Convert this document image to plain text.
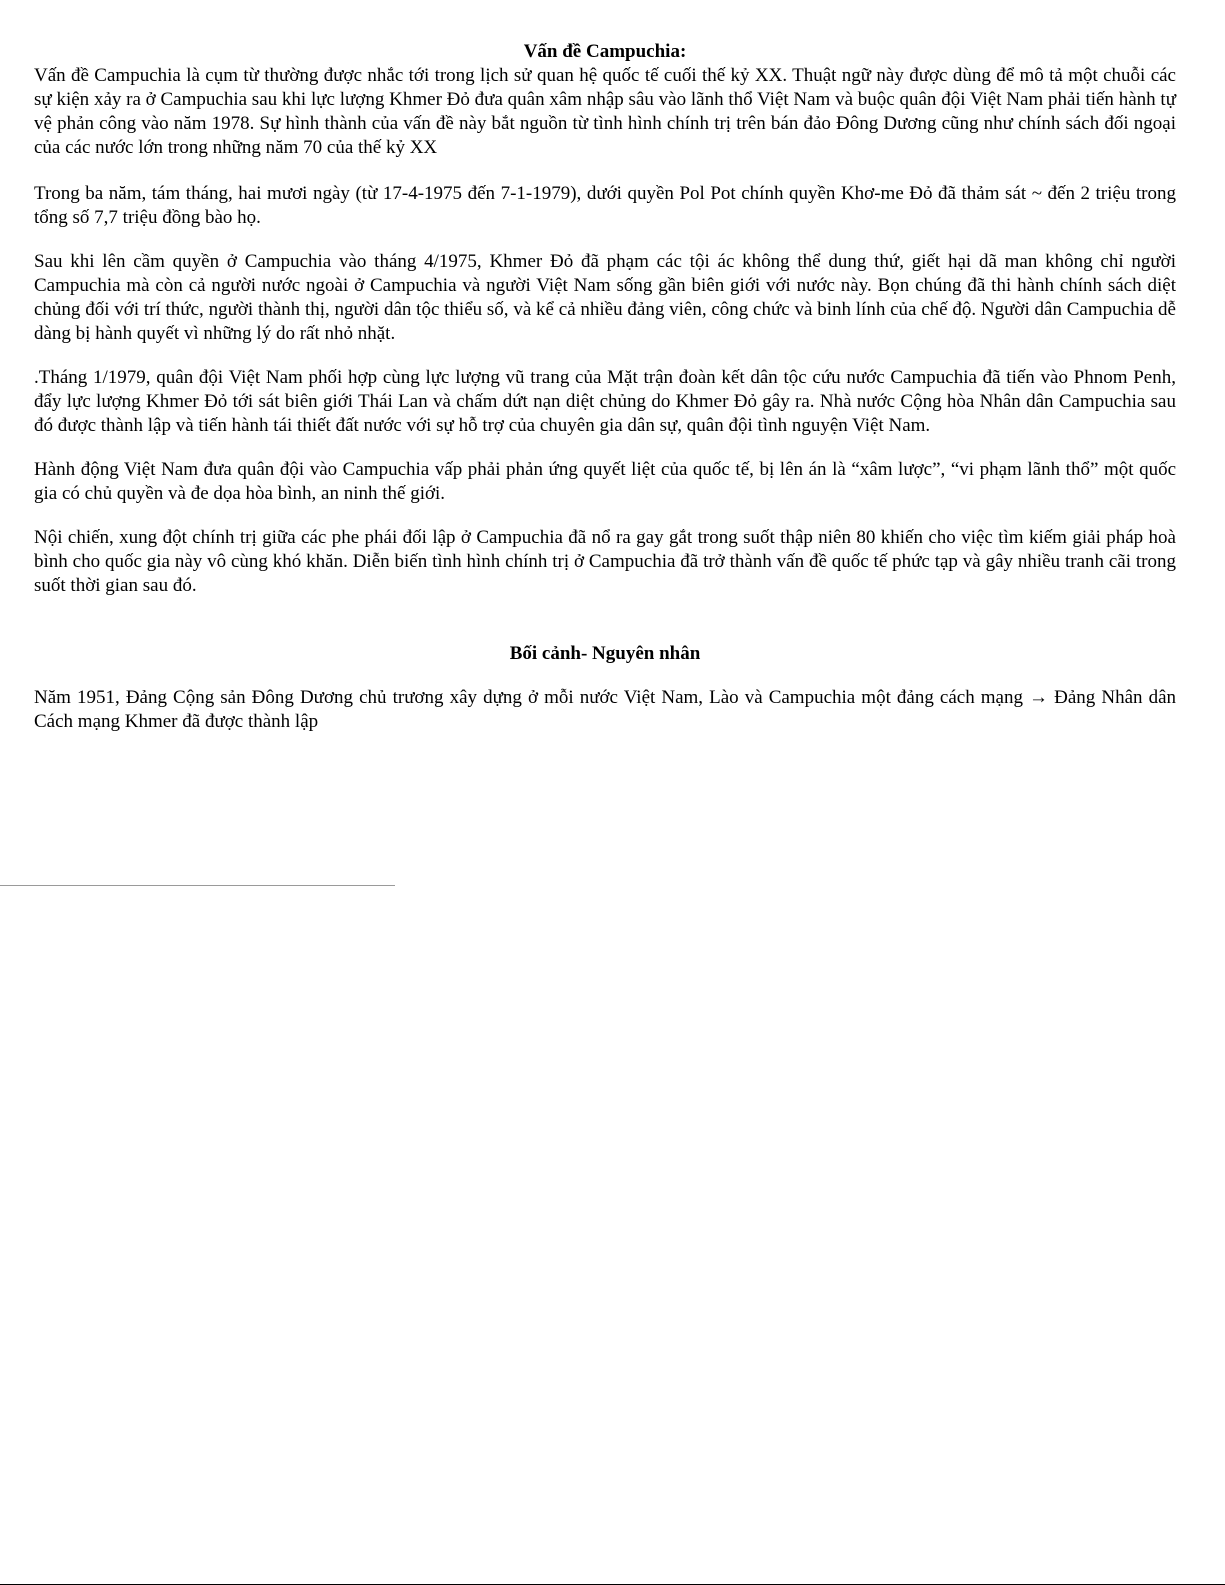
Vấn đề Campuchia:

Vấn đề Campuchia là cụm từ thường được nhắc tới trong lịch sử quan hệ quốc tế cuối thế kỷ XX. Thuật ngữ này được dùng để mô tả một chuỗi các sự kiện xảy ra ở Campuchia sau khi lực lượng Khmer Đỏ đưa quân xâm nhập sâu vào lãnh thổ Việt Nam và buộc quân đội Việt Nam phải tiến hành tự vệ phản công vào năm 1978. Sự hình thành của vấn đề này bắt nguồn từ tình hình chính trị trên bán đảo Đông Dương cũng như chính sách đối ngoại của các nước lớn trong những năm 70 của thế kỷ XX

Trong ba năm, tám tháng, hai mươi ngày (từ 17-4-1975 đến 7-1-1979), dưới quyền Pol Pot chính quyền Khơ-me Đỏ đã thảm sát ~ đến 2 triệu trong tổng số 7,7 triệu đồng bào họ.

Sau khi lên cầm quyền ở Campuchia vào tháng 4/1975, Khmer Đỏ đã phạm các tội ác không thể dung thứ, giết hại dã man không chỉ người Campuchia mà còn cả người nước ngoài ở Campuchia và người Việt Nam sống gần biên giới với nước này. Bọn chúng đã thi hành chính sách diệt chủng đối với trí thức, người thành thị, người dân tộc thiểu số, và kể cả nhiều đảng viên, công chức và binh lính của chế độ. Người dân Campuchia dễ dàng bị hành quyết vì những lý do rất nhỏ nhặt.

.Tháng 1/1979, quân đội Việt Nam phối hợp cùng lực lượng vũ trang của Mặt trận đoàn kết dân tộc cứu nước Campuchia đã tiến vào Phnom Penh, đẩy lực lượng Khmer Đỏ tới sát biên giới Thái Lan và chấm dứt nạn diệt chủng do Khmer Đỏ gây ra. Nhà nước Cộng hòa Nhân dân Campuchia sau đó được thành lập và tiến hành tái thiết đất nước với sự hỗ trợ của chuyên gia dân sự, quân đội tình nguyện Việt Nam.

Hành động Việt Nam đưa quân đội vào Campuchia vấp phải phản ứng quyết liệt của quốc tế, bị lên án là “xâm lược”, “vi phạm lãnh thổ” một quốc gia có chủ quyền và đe dọa hòa bình, an ninh thế giới.

Nội chiến, xung đột chính trị giữa các phe phái đối lập ở Campuchia đã nổ ra gay gắt trong suốt thập niên 80 khiến cho việc tìm kiếm giải pháp hoà bình cho quốc gia này vô cùng khó khăn. Diễn biến tình hình chính trị ở Campuchia đã trở thành vấn đề quốc tế phức tạp và gây nhiều tranh cãi trong suốt thời gian sau đó.

Bối cảnh- Nguyên nhân

Năm 1951, Đảng Cộng sản Đông Dương chủ trương xây dựng ở mỗi nước Việt Nam, Lào và Campuchia một đảng cách mạng → Đảng Nhân dân Cách mạng Khmer đã được thành lập
